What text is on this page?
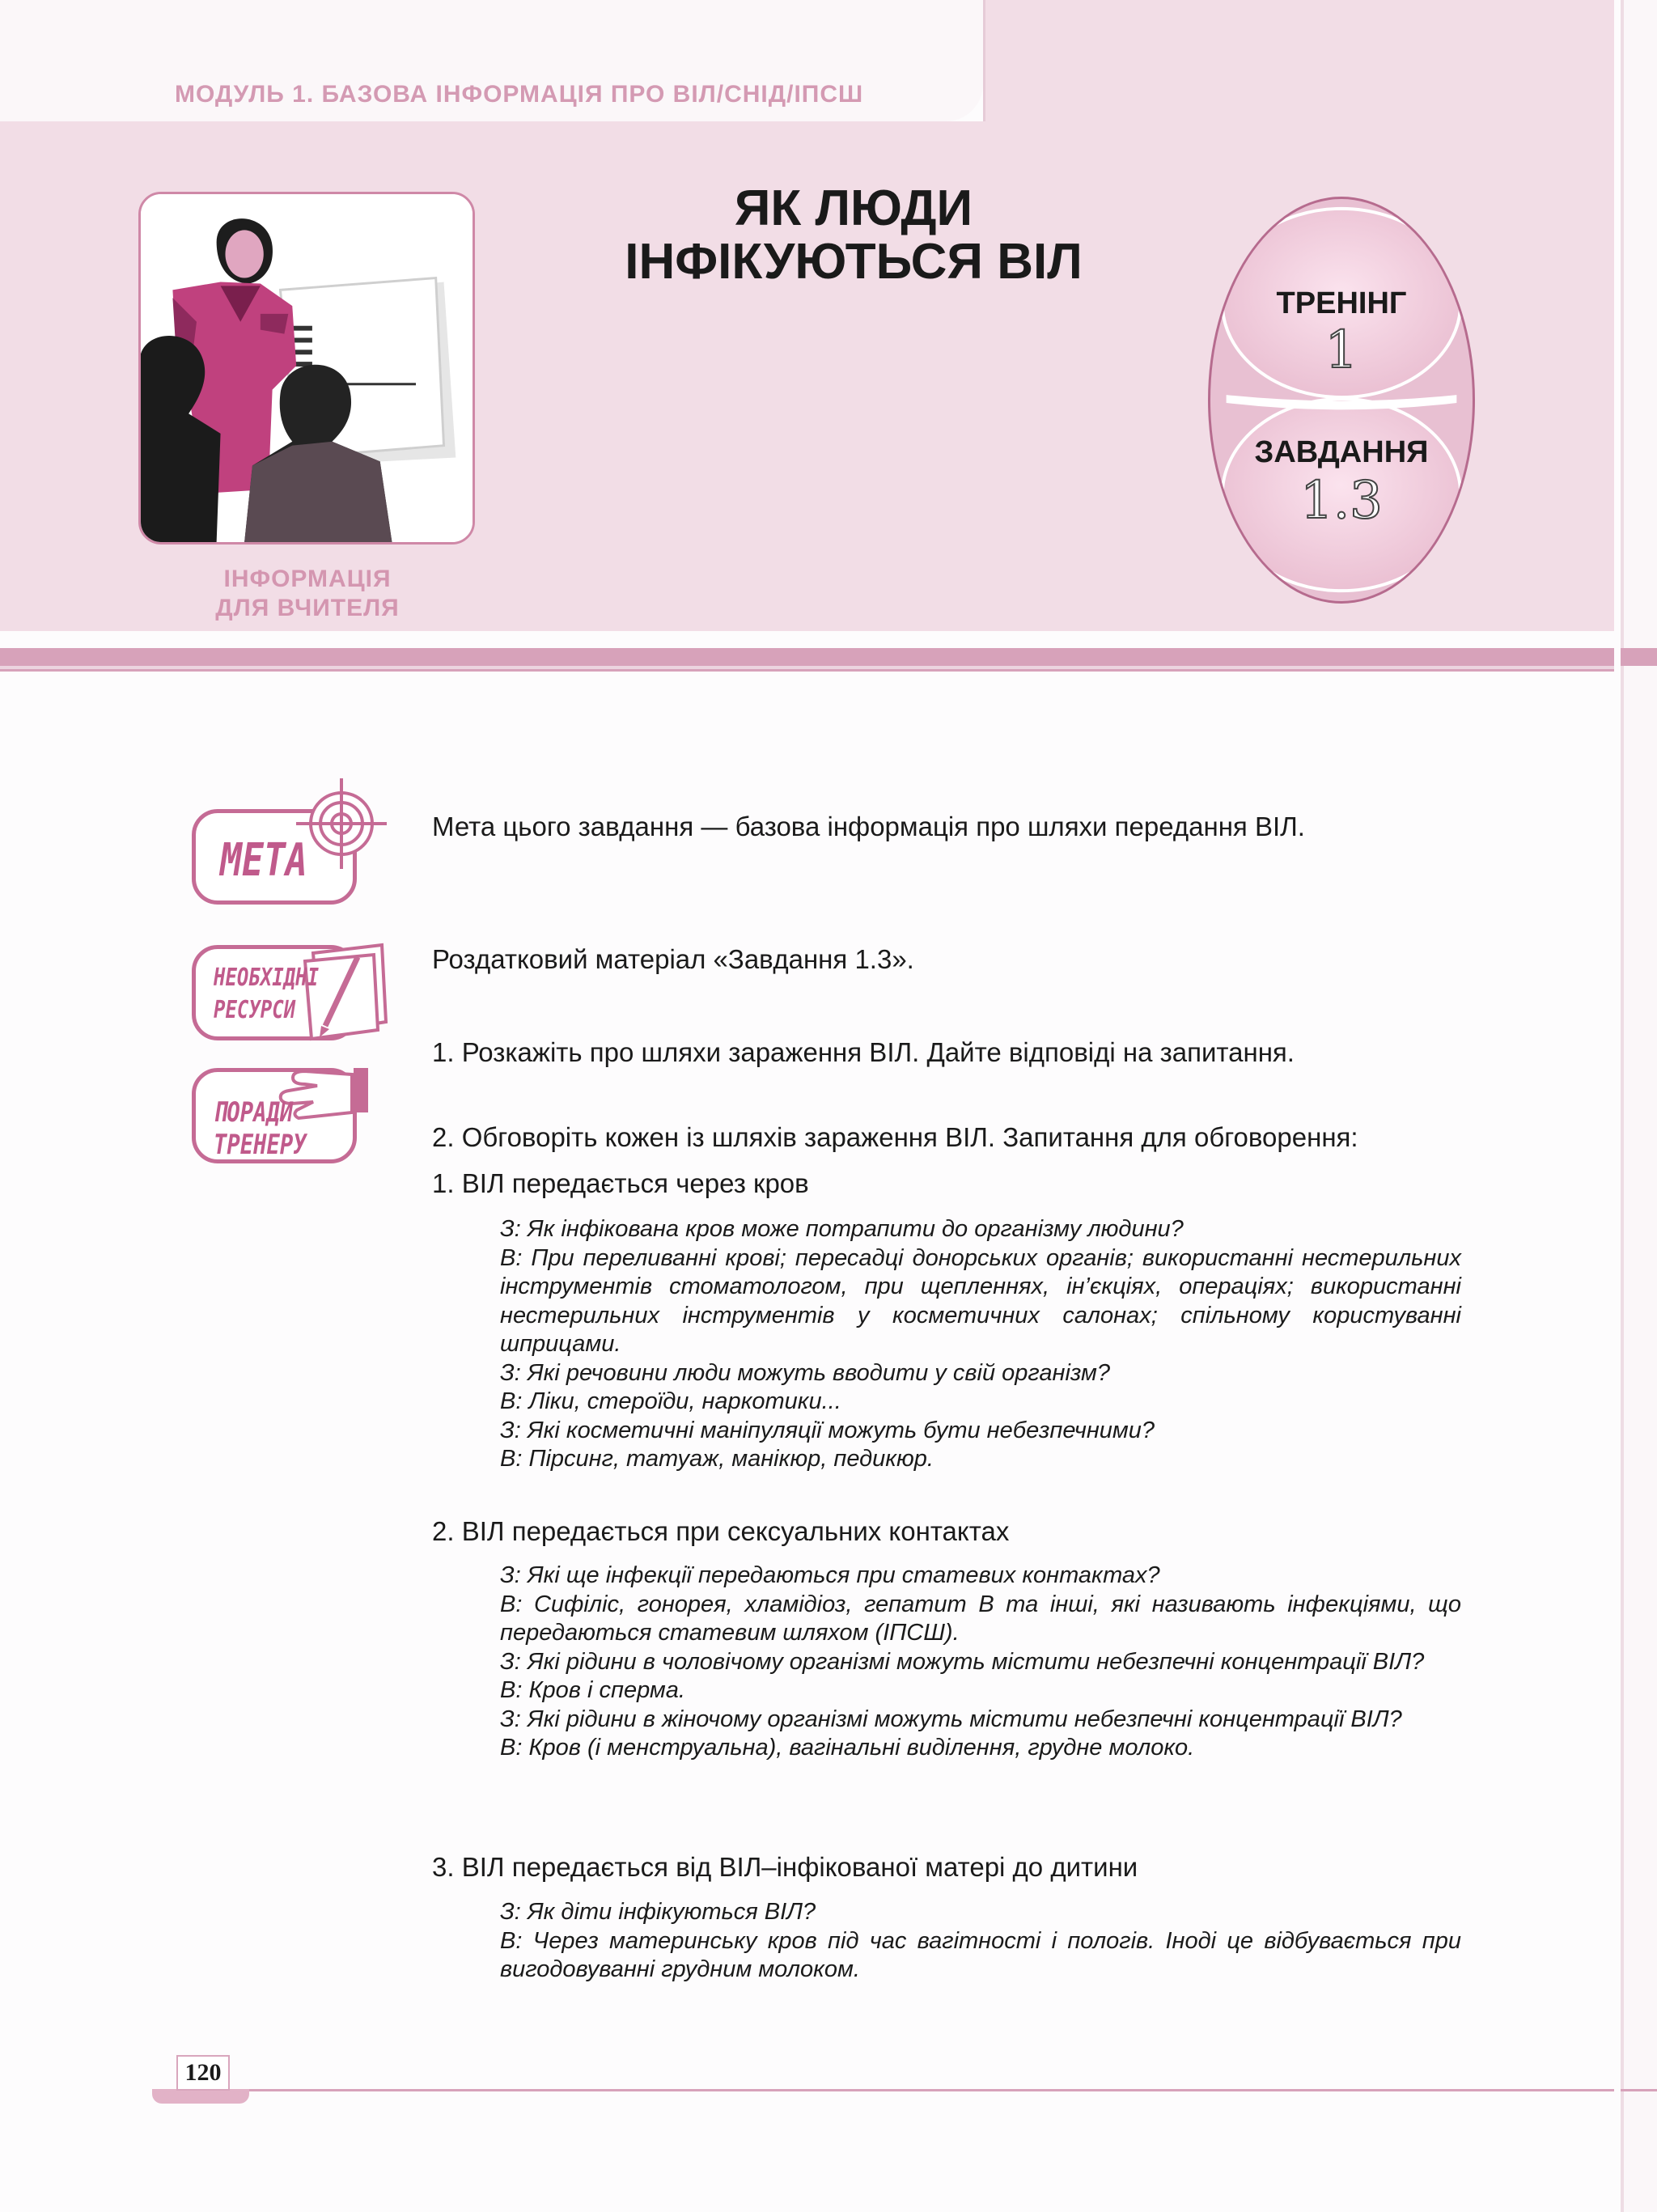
МОДУЛЬ 1. БАЗОВА ІНФОРМАЦІЯ ПРО ВІЛ/СНІД/ІПСШ
ІНФОРМАЦІЯ
ДЛЯ ВЧИТЕЛЯ
ЯК ЛЮДИ
ІНФІКУЮТЬСЯ ВІЛ
ТРЕНІНГ
1
ЗАВДАННЯ
1.3
МЕТА
Мета цього завдання — базова інформація про шляхи передання ВІЛ.
НЕОБХІДНІ
РЕСУРСИ
Роздатковий матеріал «Завдання 1.3».
ПОРАДИ
ТРЕНЕРУ
1. Розкажіть про шляхи зараження ВІЛ. Дайте відповіді на запитання.
2. Обговоріть кожен із шляхів зараження ВІЛ. Запитання для обговорення:
1. ВІЛ передається через кров

З: Як інфікована кров може потрапити до організму людини?

В: При переливанні крові; пересадці донорських органів; використанні нестерильних інструментів стоматологом, при щепленнях, ін’єкціях, операціях; використанні нестерильних інструментів у косметичних салонах; спільному користуванні шприцами.

З: Які речовини люди можуть вводити у свій організм?

В: Ліки, стероїди, наркотики...

З: Які косметичні маніпуляції можуть бути небезпечними?

В: Пірсинг, татуаж, манікюр, педикюр.

2. ВІЛ передається при сексуальних контактах

З: Які ще інфекції передаються при статевих контактах?

В: Сифіліс, гонорея, хламідіоз, гепатит В та інші, які називають інфекціями, що передаються статевим шляхом (ІПСШ).

З: Які рідини в чоловічому організмі можуть містити небезпечні концентрації ВІЛ?

В: Кров і сперма.

З: Які рідини в жіночому організмі можуть містити небезпечні концентрації ВІЛ?

В: Кров (і менструальна), вагінальні виділення, грудне молоко.

3. ВІЛ передається від ВІЛ–інфікованої матері до дитини

З: Як діти інфікуються ВІЛ?

В: Через материнську кров під час вагітності і пологів. Іноді це відбувається при вигодовуванні грудним молоком.

120
